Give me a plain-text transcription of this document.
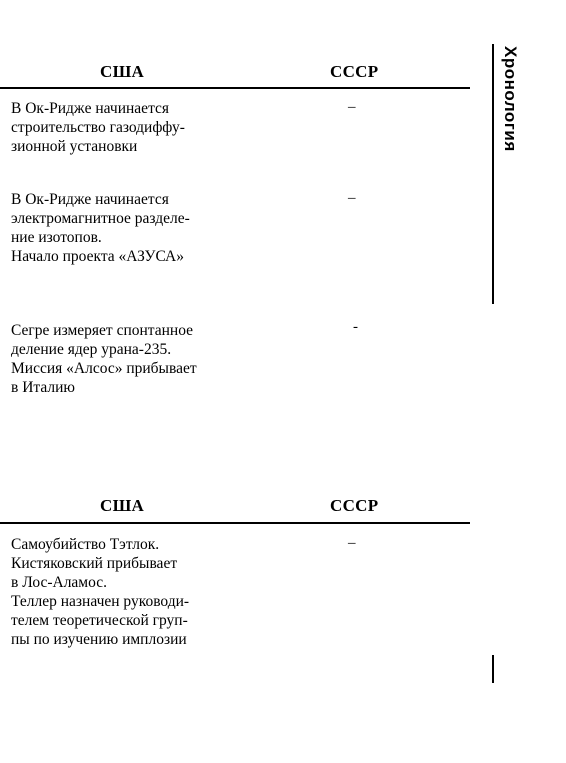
США	СССР

В Ок-Риджe начинается
строительство газодиффу-
зионной установки

–

В Ок-Ридже начинается
электромагнитное разделе-
ние изотопов.

Начало проекта «АЗУСА»

–

Сегре измеряет спонтанное
деление ядер урана-235.

Миссия «Алсос» прибывает
в Италию

-
США	СССР

Самоубийство Тэтлок.

Кистяковский прибывает
в Лос-Аламос.

Теллер назначен руководи-
телем теоретической груп-
пы по изучению имплозии

–
Хронология
